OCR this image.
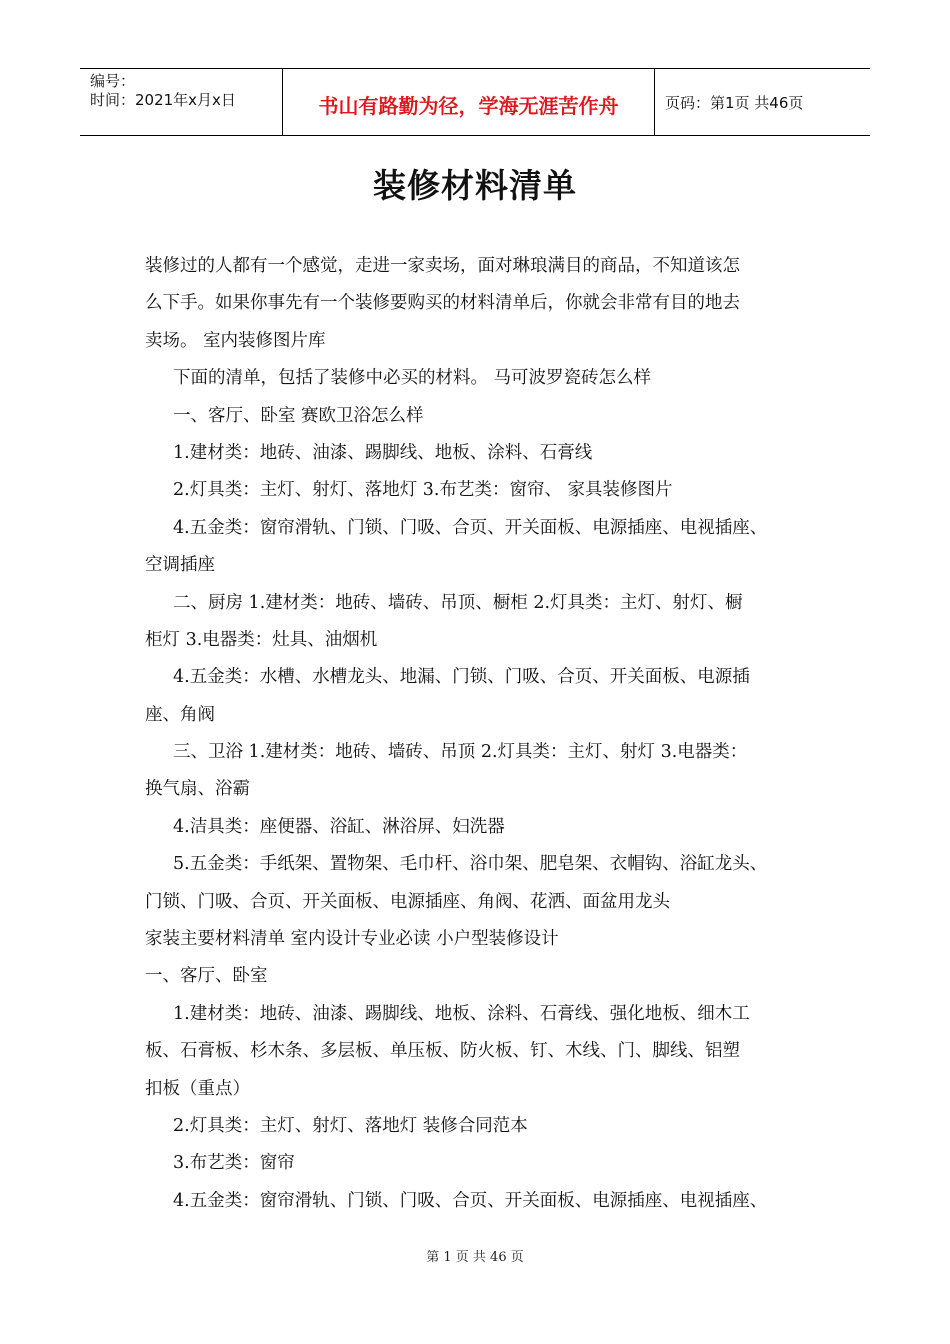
编号：
时间：2021年x月x日	书山有路勤为径，学海无涯苦作舟	页码：第1页 共46页
装修材料清单
装修过的人都有一个感觉，走进一家卖场，面对琳琅满目的商品，不知道该怎
么下手。如果你事先有一个装修要购买的材料清单后，你就会非常有目的地去
卖场。 室内装修图片库
下面的清单，包括了装修中必买的材料。 马可波罗瓷砖怎么样
一、客厅、卧室 赛欧卫浴怎么样
1.建材类：地砖、油漆、踢脚线、地板、涂料、石膏线
2.灯具类：主灯、射灯、落地灯 3.布艺类：窗帘、 家具装修图片
4.五金类：窗帘滑轨、门锁、门吸、合页、开关面板、电源插座、电视插座、
空调插座
二、厨房 1.建材类：地砖、墙砖、吊顶、橱柜 2.灯具类：主灯、射灯、橱
柜灯 3.电器类：灶具、油烟机
4.五金类：水槽、水槽龙头、地漏、门锁、门吸、合页、开关面板、电源插
座、角阀
三、卫浴 1.建材类：地砖、墙砖、吊顶 2.灯具类：主灯、射灯 3.电器类：
换气扇、浴霸
4.洁具类：座便器、浴缸、淋浴屏、妇洗器
5.五金类：手纸架、置物架、毛巾杆、浴巾架、肥皂架、衣帽钩、浴缸龙头、
门锁、门吸、合页、开关面板、电源插座、角阀、花洒、面盆用龙头
家装主要材料清单 室内设计专业必读 小户型装修设计
一、客厅、卧室
1.建材类：地砖、油漆、踢脚线、地板、涂料、石膏线、强化地板、细木工
板、石膏板、杉木条、多层板、单压板、防火板、钉、木线、门、脚线、铝塑
扣板（重点）
2.灯具类：主灯、射灯、落地灯 装修合同范本
3.布艺类：窗帘
4.五金类：窗帘滑轨、门锁、门吸、合页、开关面板、电源插座、电视插座、
第 1 页 共 46 页
